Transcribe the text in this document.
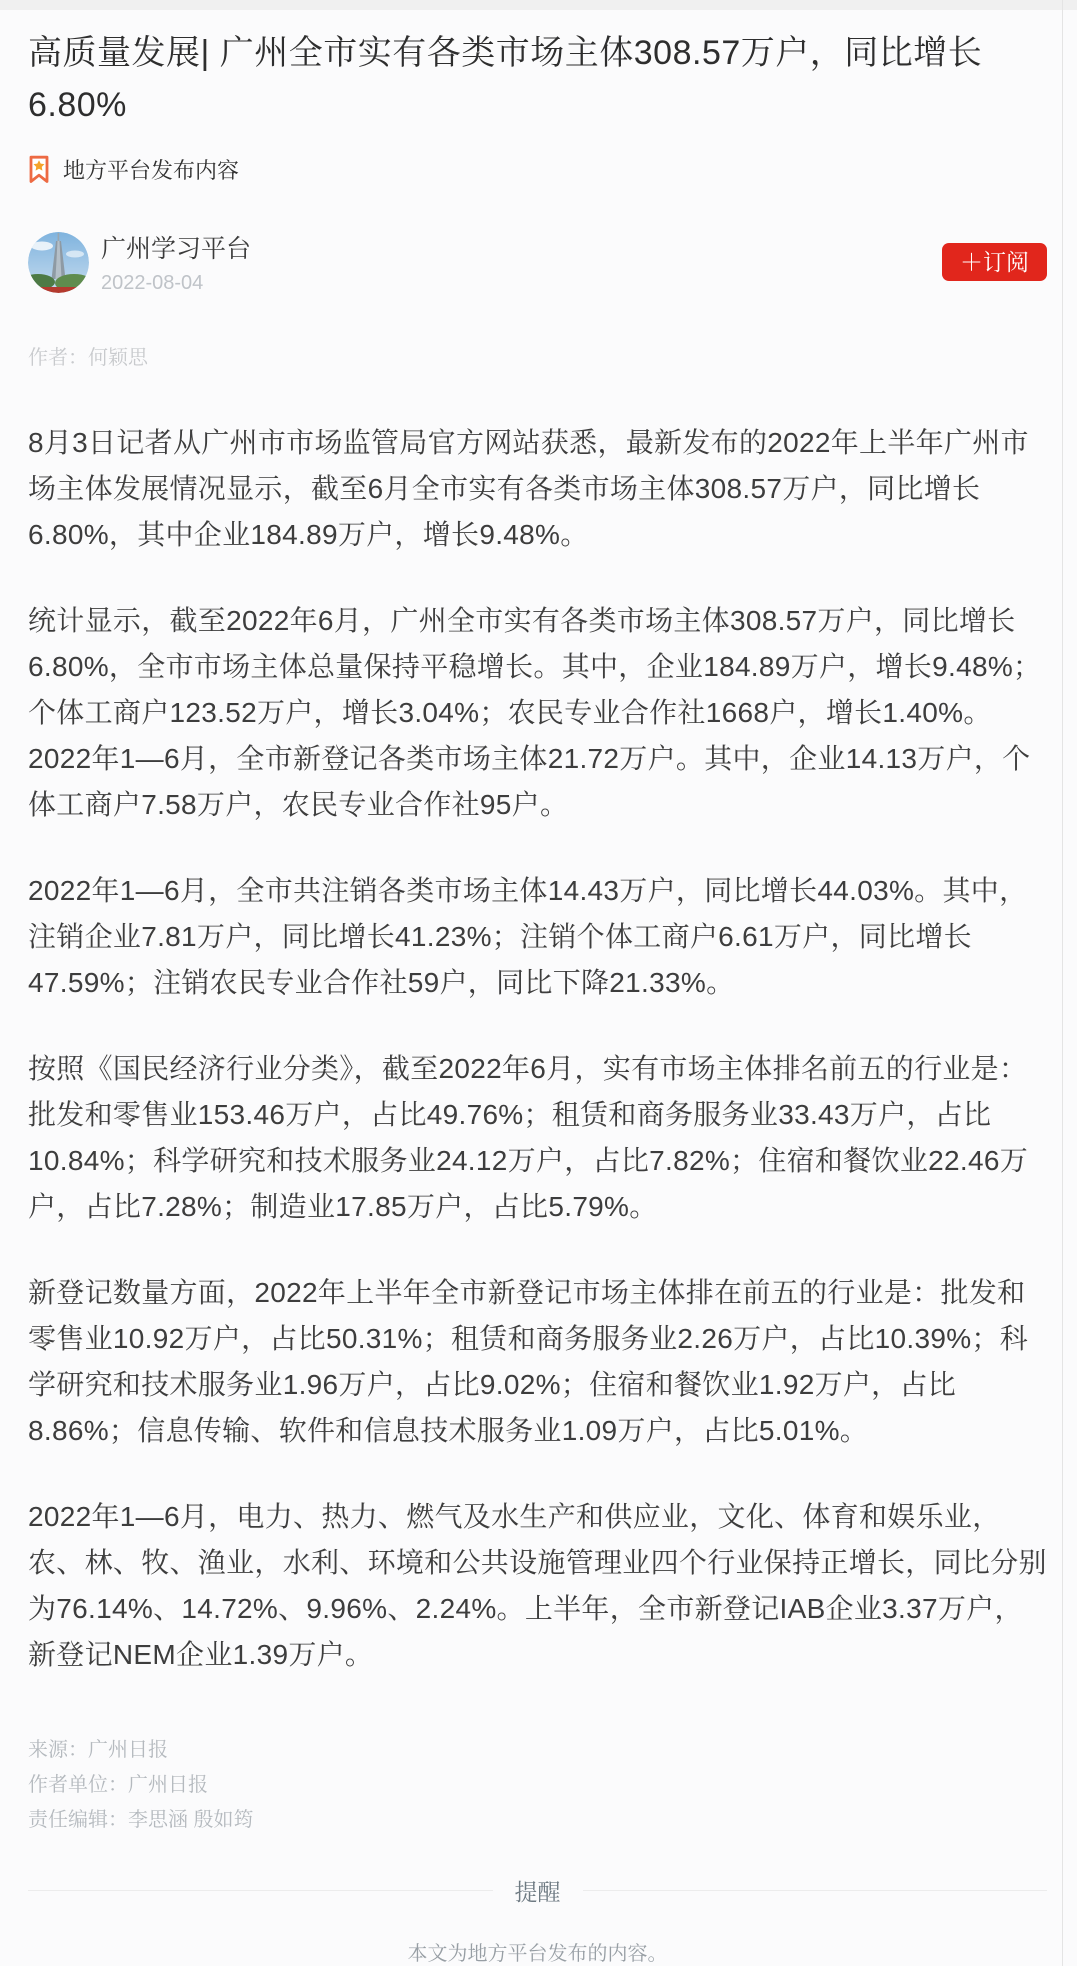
高质量发展| 广州全市实有各类市场主体308.57万户，同比增长6.80%
地方平台发布内容
广州学习平台
2022-08-04
＋订阅
作者：何颖思

8月3日记者从广州市市场监管局官方网站获悉，最新发布的2022年上半年广州市场主体发展情况显示，截至6月全市实有各类市场主体308.57万户，同比增长6.80%，其中企业184.89万户，增长9.48%。

统计显示，截至2022年6月，广州全市实有各类市场主体308.57万户，同比增长6.80%，全市市场主体总量保持平稳增长。其中，企业184.89万户，增长9.48%；个体工商户123.52万户，增长3.04%；农民专业合作社1668户，增长1.40%。2022年1—6月，全市新登记各类市场主体21.72万户。其中，企业14.13万户，个体工商户7.58万户，农民专业合作社95户。

2022年1—6月，全市共注销各类市场主体14.43万户，同比增长44.03%。其中，注销企业7.81万户，同比增长41.23%；注销个体工商户6.61万户，同比增长47.59%；注销农民专业合作社59户，同比下降21.33%。

按照《国民经济行业分类》，截至2022年6月，实有市场主体排名前五的行业是：批发和零售业153.46万户，占比49.76%；租赁和商务服务业33.43万户，占比10.84%；科学研究和技术服务业24.12万户，占比7.82%；住宿和餐饮业22.46万户，占比7.28%；制造业17.85万户，占比5.79%。

新登记数量方面，2022年上半年全市新登记市场主体排在前五的行业是：批发和零售业10.92万户，占比50.31%；租赁和商务服务业2.26万户，占比10.39%；科学研究和技术服务业1.96万户，占比9.02%；住宿和餐饮业1.92万户，占比8.86%；信息传输、软件和信息技术服务业1.09万户，占比5.01%。

2022年1—6月，电力、热力、燃气及水生产和供应业，文化、体育和娱乐业，农、林、牧、渔业，水利、环境和公共设施管理业四个行业保持正增长，同比分别为76.14%、14.72%、9.96%、2.24%。上半年，全市新登记IAB企业3.37万户，新登记NEM企业1.39万户。

来源：广州日报

作者单位：广州日报

责任编辑：李思涵 殷如筠

提醒
本文为地方平台发布的内容。
